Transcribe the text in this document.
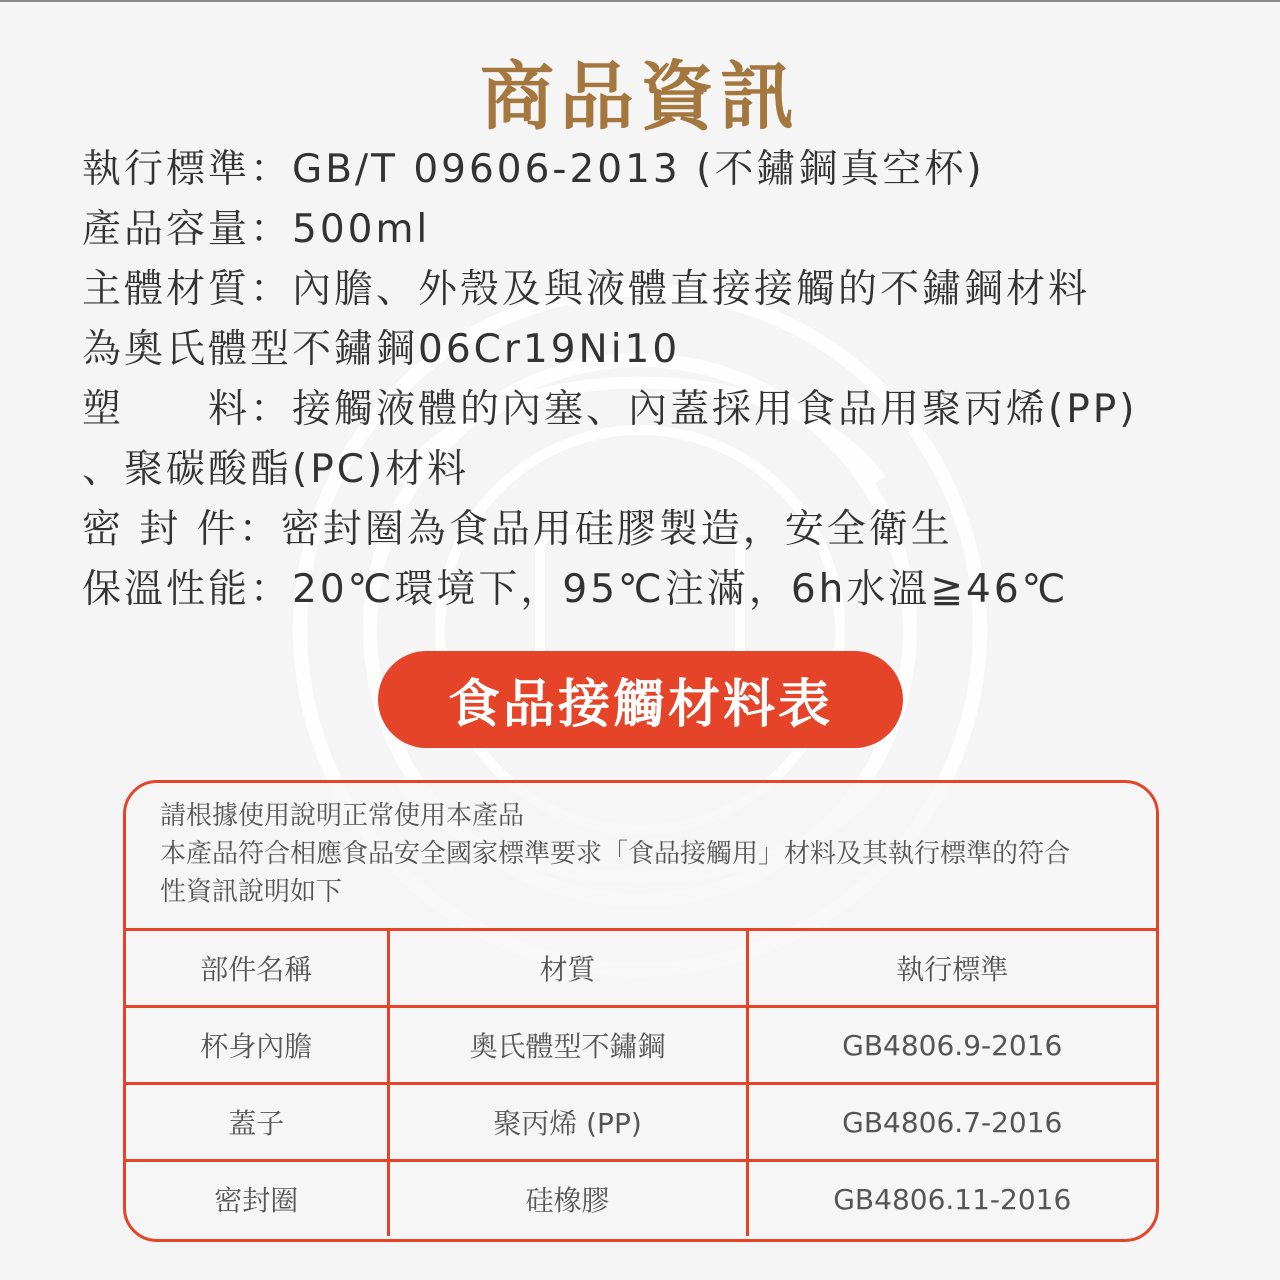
商品資訊
執行標準：GB/T 09606-2013 (不鏽鋼真空杯)
產品容量：500ml
主體材質：內膽、外殼及與液體直接接觸的不鏽鋼材料
為奧氏體型不鏽鋼06Cr19Ni10
塑　　料：接觸液體的內塞、內蓋採用食品用聚丙烯(PP)
、聚碳酸酯(PC)材料
密 封 件：密封圈為食品用硅膠製造，安全衛生
保溫性能：20℃環境下，95℃注滿，6h水溫≧46℃
食品接觸材料表
請根據使用說明正常使用本產品
本產品符合相應食品安全國家標準要求「食品接觸用」材料及其執行標準的符合
性資訊說明如下
部件名稱	材質	執行標準
杯身內膽	奧氏體型不鏽鋼	GB4806.9-2016
蓋子	聚丙烯 (PP)	GB4806.7-2016
密封圈	硅橡膠	GB4806.11-2016
